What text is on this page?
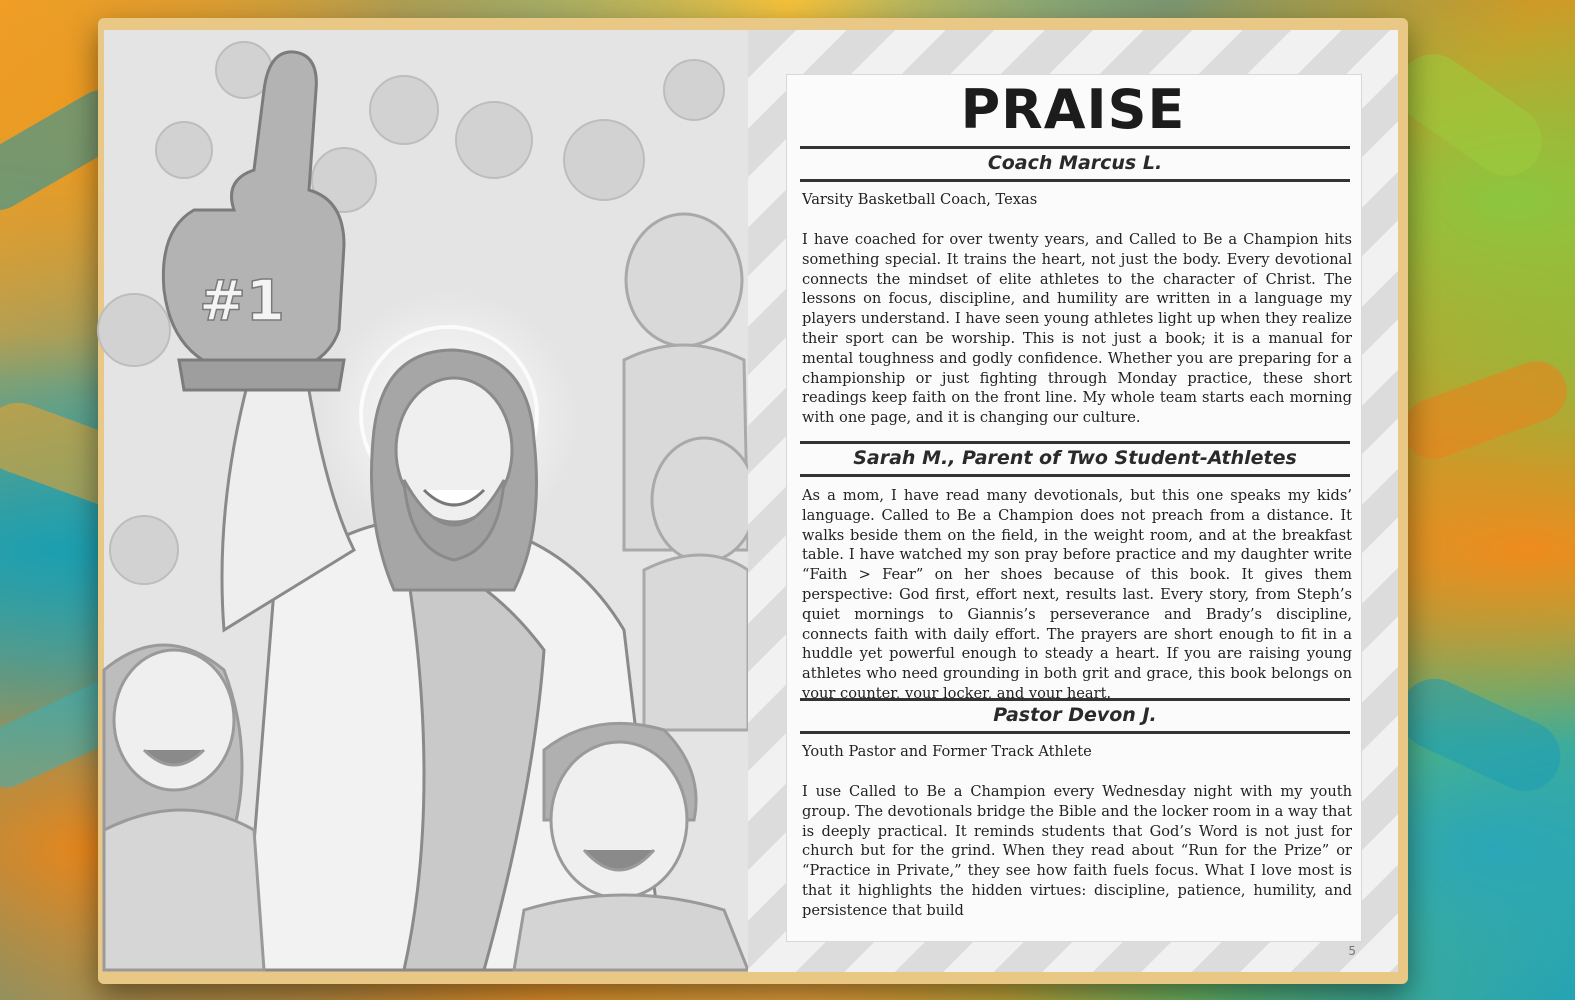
#1
PRAISE
Coach Marcus L.
Varsity Basketball Coach, Texas
I have coached for over twenty years, and Called to Be a Champion hits something special. It trains the heart, not just the body. Every devotional connects the mindset of elite athletes to the character of Christ. The lessons on focus, discipline, and humility are written in a language my players understand. I have seen young athletes light up when they realize their sport can be worship. This is not just a book; it is a manual for mental toughness and godly confidence. Whether you are preparing for a championship or just fighting through Monday practice, these short readings keep faith on the front line. My whole team starts each morning with one page, and it is changing our culture.
Sarah M., Parent of Two Student-Athletes
As a mom, I have read many devotionals, but this one speaks my kids’ language. Called to Be a Champion does not preach from a distance. It walks beside them on the field, in the weight room, and at the breakfast table. I have watched my son pray before practice and my daughter write “Faith > Fear” on her shoes because of this book. It gives them perspective: God first, effort next, results last. Every story, from Steph’s quiet mornings to Giannis’s perseverance and Brady’s discipline, connects faith with daily effort. The prayers are short enough to fit in a huddle yet powerful enough to steady a heart. If you are raising young athletes who need grounding in both grit and grace, this book belongs on your counter, your locker, and your heart.
Pastor Devon J.
Youth Pastor and Former Track Athlete
I use Called to Be a Champion every Wednesday night with my youth group. The devotionals bridge the Bible and the locker room in a way that is deeply practical. It reminds students that God’s Word is not just for church but for the grind. When they read about “Run for the Prize” or “Practice in Private,” they see how faith fuels focus. What I love most is that it highlights the hidden virtues: discipline, patience, humility, and persistence that build
5
